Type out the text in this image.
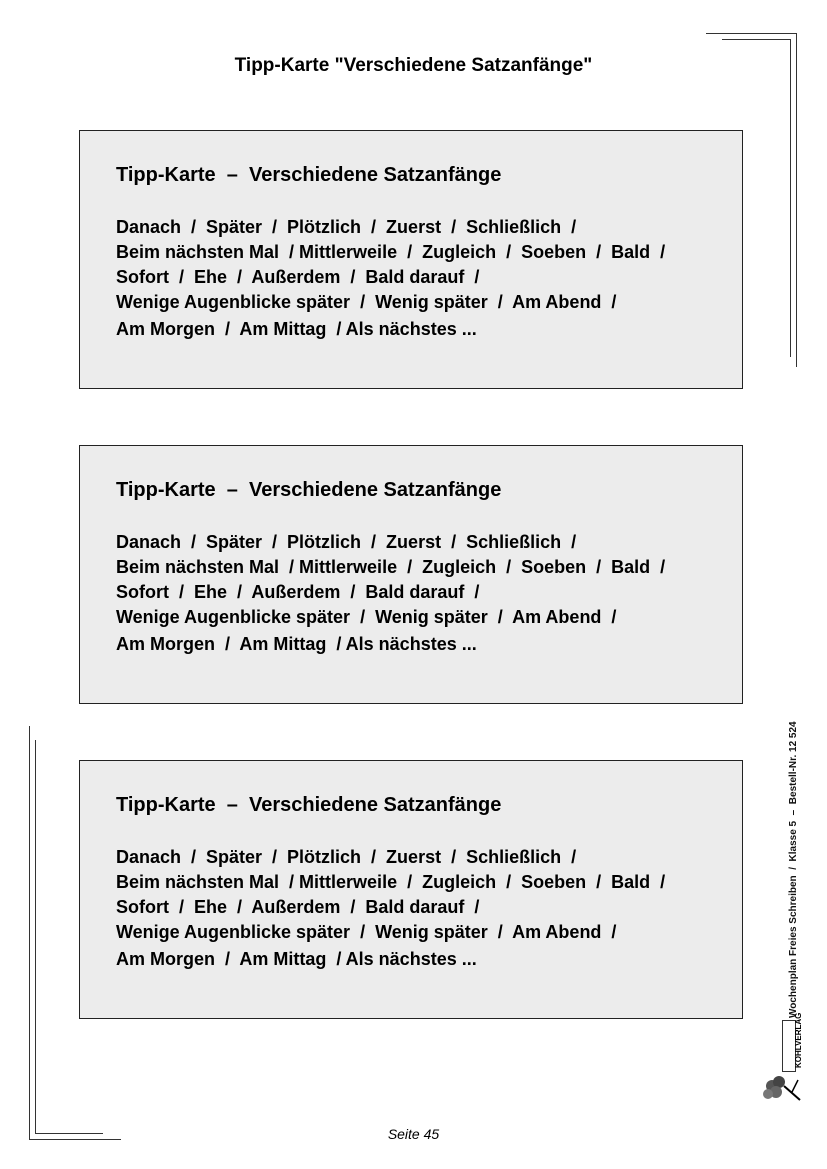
Tipp-Karte "Verschiedene Satzanfänge"
Tipp-Karte  –  Verschiedene Satzanfänge
Danach  /  Später  /  Plötzlich  /  Zuerst  /  Schließlich  /
Beim nächsten Mal  / Mittlerweile  /  Zugleich  /  Soeben  /  Bald  /
Sofort  /  Ehe  /  Außerdem  /  Bald darauf  /
Wenige Augenblicke später  /  Wenig später  /  Am Abend  /
Am Morgen  /  Am Mittag  / Als nächstes ...
Tipp-Karte  –  Verschiedene Satzanfänge
Danach  /  Später  /  Plötzlich  /  Zuerst  /  Schließlich  /
Beim nächsten Mal  / Mittlerweile  /  Zugleich  /  Soeben  /  Bald  /
Sofort  /  Ehe  /  Außerdem  /  Bald darauf  /
Wenige Augenblicke später  /  Wenig später  /  Am Abend  /
Am Morgen  /  Am Mittag  / Als nächstes ...
Tipp-Karte  –  Verschiedene Satzanfänge
Danach  /  Später  /  Plötzlich  /  Zuerst  /  Schließlich  /
Beim nächsten Mal  / Mittlerweile  /  Zugleich  /  Soeben  /  Bald  /
Sofort  /  Ehe  /  Außerdem  /  Bald darauf  /
Wenige Augenblicke später  /  Wenig später  /  Am Abend  /
Am Morgen  /  Am Mittag  / Als nächstes ...	Wochenplan Freies Schreiben  /  Klasse 5  –  Bestell-Nr. 12 524
KOHLVERLAG
Seite 45
